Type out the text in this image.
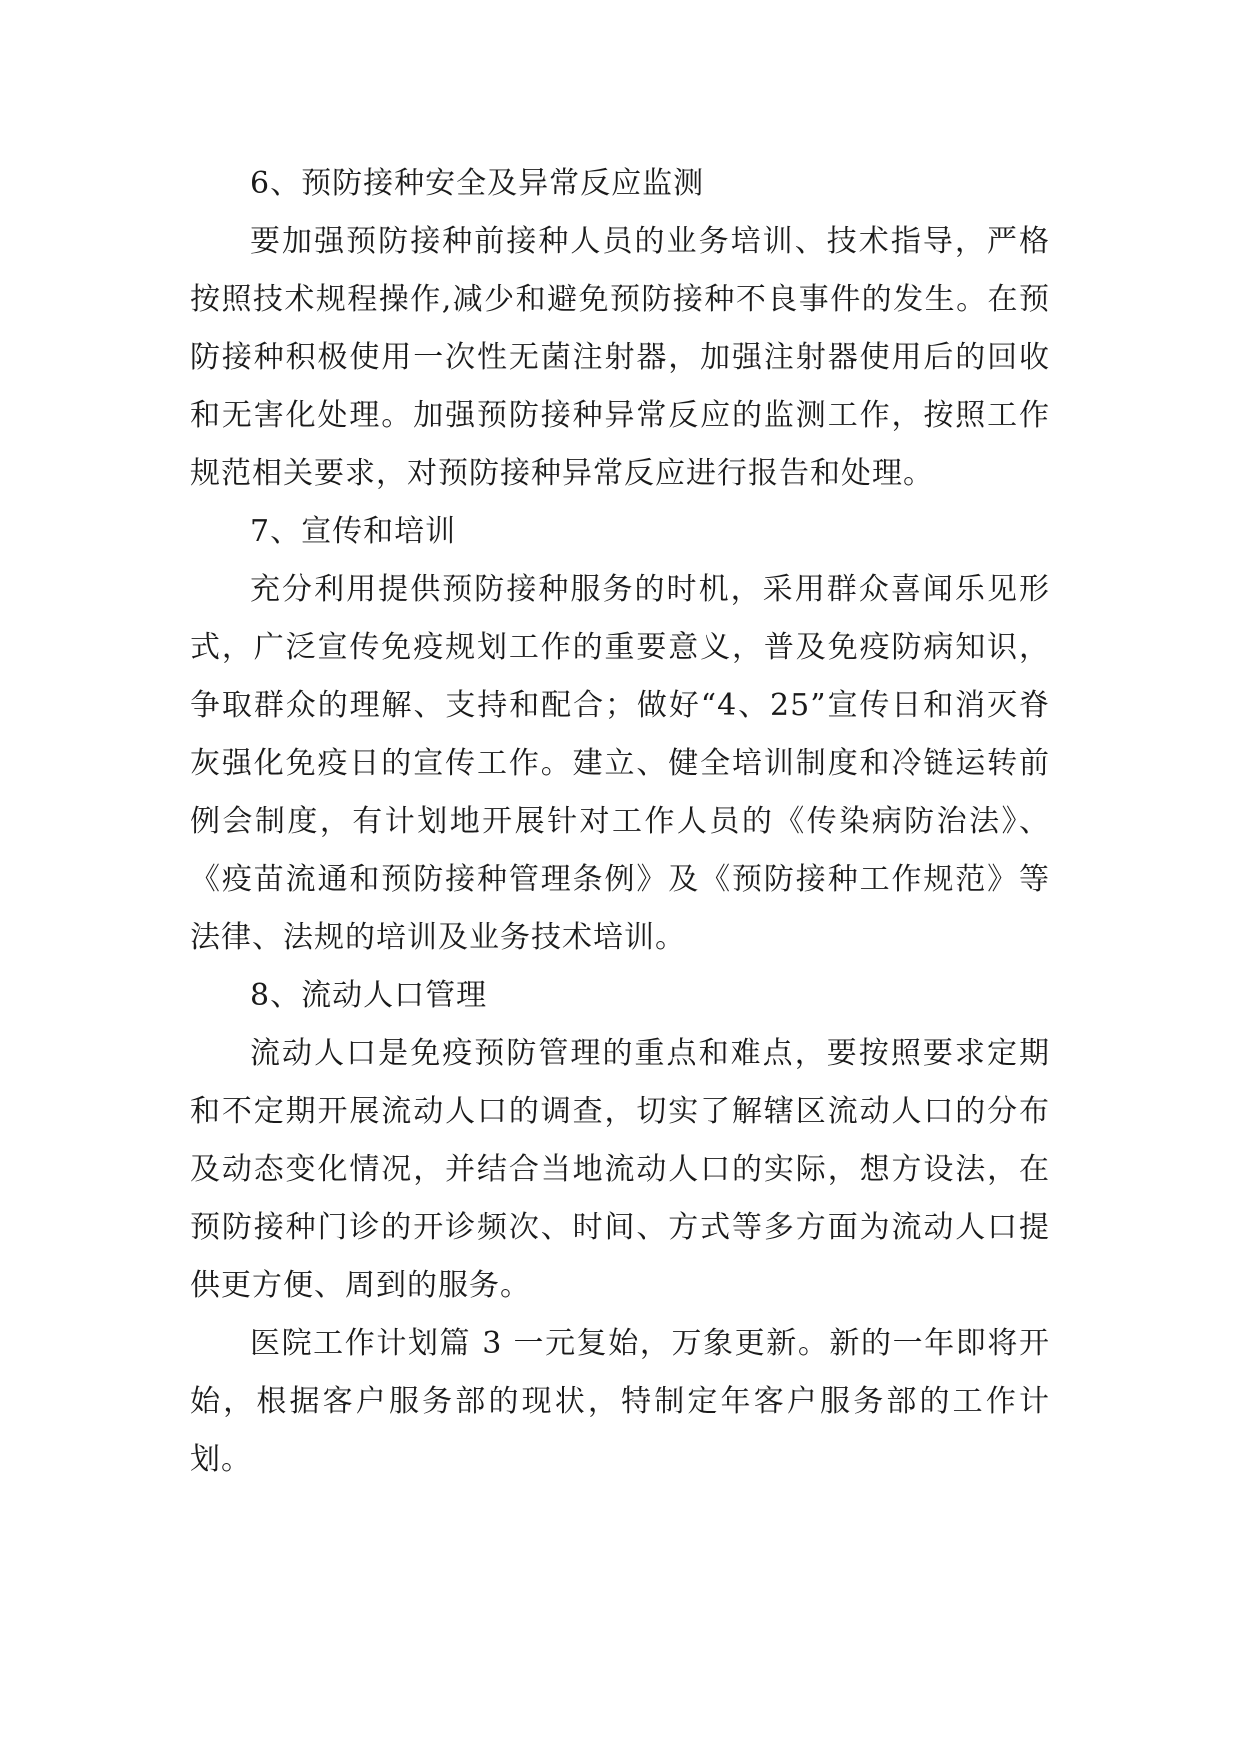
6、预防接种安全及异常反应监测

要加强预防接种前接种人员的业务培训、技术指导，严格按照技术规程操作,减少和避免预防接种不良事件的发生。在预防接种积极使用一次性无菌注射器，加强注射器使用后的回收和无害化处理。加强预防接种异常反应的监测工作，按照工作规范相关要求，对预防接种异常反应进行报告和处理。

7、宣传和培训

充分利用提供预防接种服务的时机，采用群众喜闻乐见形式，广泛宣传免疫规划工作的重要意义，普及免疫防病知识，争取群众的理解、支持和配合；做好“4、25”宣传日和消灭脊灰强化免疫日的宣传工作。建立、健全培训制度和冷链运转前例会制度，有计划地开展针对工作人员的《传染病防治法》、《疫苗流通和预防接种管理条例》及《预防接种工作规范》等法律、法规的培训及业务技术培训。

8、流动人口管理

流动人口是免疫预防管理的重点和难点，要按照要求定期和不定期开展流动人口的调查，切实了解辖区流动人口的分布及动态变化情况，并结合当地流动人口的实际，想方设法，在预防接种门诊的开诊频次、时间、方式等多方面为流动人口提供更方便、周到的服务。

医院工作计划篇 3 一元复始，万象更新。新的一年即将开始，根据客户服务部的现状，特制定年客户服务部的工作计划。
